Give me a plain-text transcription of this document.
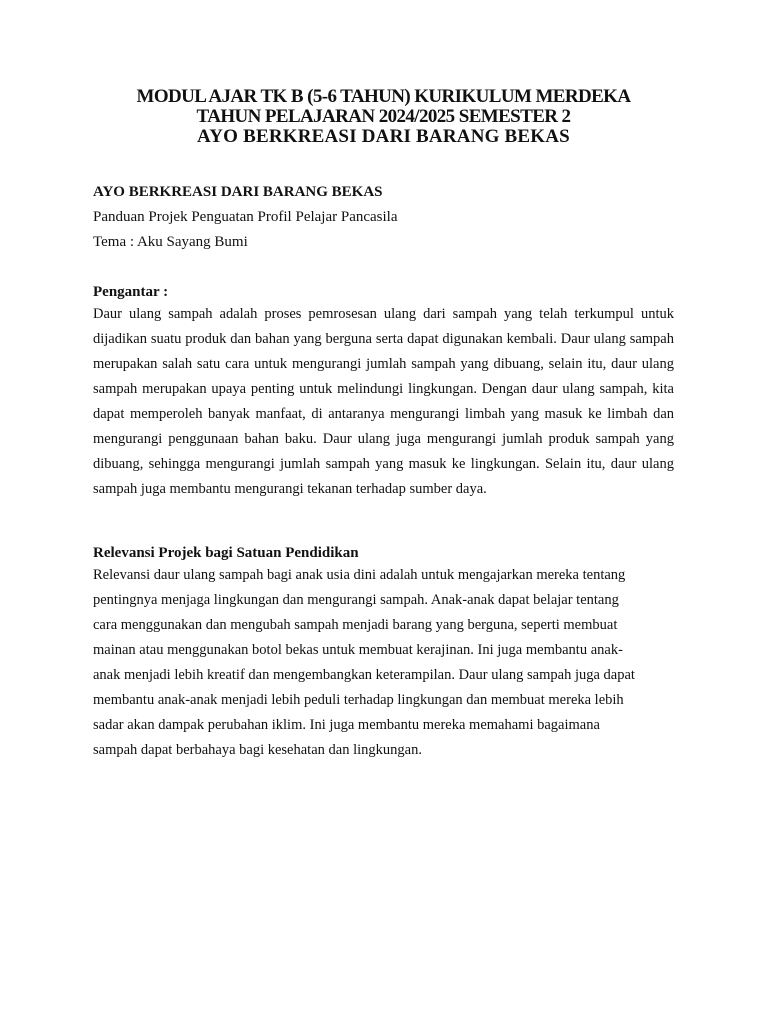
MODUL AJAR TK B (5-6 TAHUN) KURIKULUM MERDEKA
TAHUN PELAJARAN 2024/2025 SEMESTER 2
AYO BERKREASI DARI BARANG BEKAS
AYO BERKREASI DARI BARANG BEKAS
Panduan Projek Penguatan Profil Pelajar Pancasila
Tema : Aku Sayang Bumi
Pengantar :
Daur ulang sampah adalah proses pemrosesan ulang dari sampah yang telah terkumpul untuk dijadikan suatu produk dan bahan yang berguna serta dapat digunakan kembali. Daur ulang sampah merupakan salah satu cara untuk mengurangi jumlah sampah yang dibuang, selain itu, daur ulang sampah merupakan upaya penting untuk melindungi lingkungan. Dengan daur ulang sampah, kita dapat memperoleh banyak manfaat, di antaranya mengurangi limbah yang masuk ke limbah dan mengurangi penggunaan bahan baku. Daur ulang juga mengurangi jumlah produk sampah yang dibuang, sehingga mengurangi jumlah sampah yang masuk ke lingkungan. Selain itu, daur ulang sampah juga membantu mengurangi tekanan terhadap sumber daya.
Relevansi Projek bagi Satuan Pendidikan
Relevansi daur ulang sampah bagi anak usia dini adalah untuk mengajarkan mereka tentang
pentingnya menjaga lingkungan dan mengurangi sampah. Anak-anak dapat belajar tentang
cara menggunakan dan mengubah sampah menjadi barang yang berguna, seperti membuat
mainan atau menggunakan botol bekas untuk membuat kerajinan. Ini juga membantu anak-
anak menjadi lebih kreatif dan mengembangkan keterampilan. Daur ulang sampah juga dapat
membantu anak-anak menjadi lebih peduli terhadap lingkungan dan membuat mereka lebih
sadar akan dampak perubahan iklim. Ini juga membantu mereka memahami bagaimana
sampah dapat berbahaya bagi kesehatan dan lingkungan.
